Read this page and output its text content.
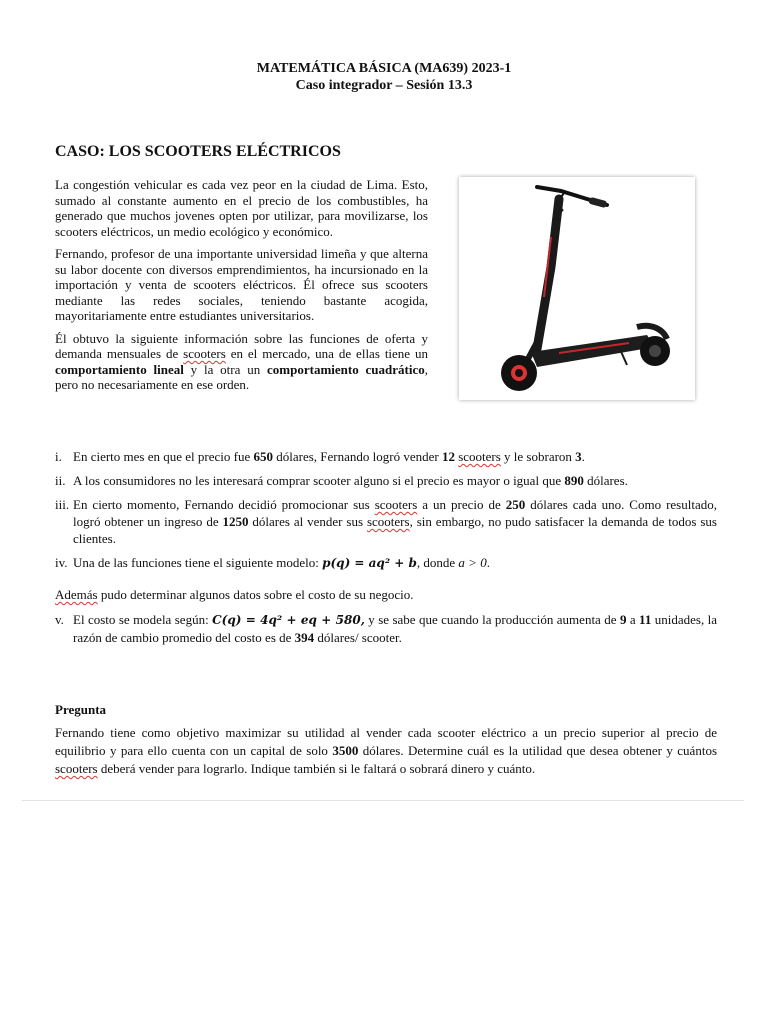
MATEMÁTICA BÁSICA (MA639) 2023-1
Caso integrador – Sesión 13.3
CASO: LOS SCOOTERS ELÉCTRICOS

La congestión vehicular es cada vez peor en la ciudad de Lima. Esto, sumado al constante aumento en el precio de los combustibles, ha generado que muchos jovenes opten por utilizar, para movilizarse, los scooters eléctricos, un medio ecológico y económico.

Fernando, profesor de una importante universidad limeña y que alterna su labor docente con diversos emprendimientos, ha incursionado en la importación y venta de scooters eléctricos. Él ofrece sus scooters mediante las redes sociales, teniendo bastante acogida, mayoritariamente entre estudiantes universitarios.

Él obtuvo la siguiente información sobre las funciones de oferta y demanda mensuales de scooters en el mercado, una de ellas tiene un comportamiento lineal y la otra un comportamiento cuadrático, pero no necesariamente en ese orden.

i. En cierto mes en que el precio fue 650 dólares, Fernando logró vender 12 scooters y le sobraron 3.
ii. A los consumidores no les interesará comprar scooter alguno si el precio es mayor o igual que 890 dólares.
iii. En cierto momento, Fernando decidió promocionar sus scooters a un precio de 250 dólares cada uno. Como resultado, logró obtener un ingreso de 1250 dólares al vender sus scooters, sin embargo, no pudo satisfacer la demanda de todos sus clientes.
iv. Una de las funciones tiene el siguiente modelo: p(q) = aq² + b, donde a > 0.

Además pudo determinar algunos datos sobre el costo de su negocio.

v. El costo se modela según: C(q) = 4q² + eq + 580, y se sabe que cuando la producción aumenta de 9 a 11 unidades, la razón de cambio promedio del costo es de 394 dólares/ scooter.
Pregunta
Fernando tiene como objetivo maximizar su utilidad al vender cada scooter eléctrico a un precio superior al precio de equilibrio y para ello cuenta con un capital de solo 3500 dólares. Determine cuál es la utilidad que desea obtener y cuántos scooters deberá vender para lograrlo. Indique también si le faltará o sobrará dinero y cuánto.
